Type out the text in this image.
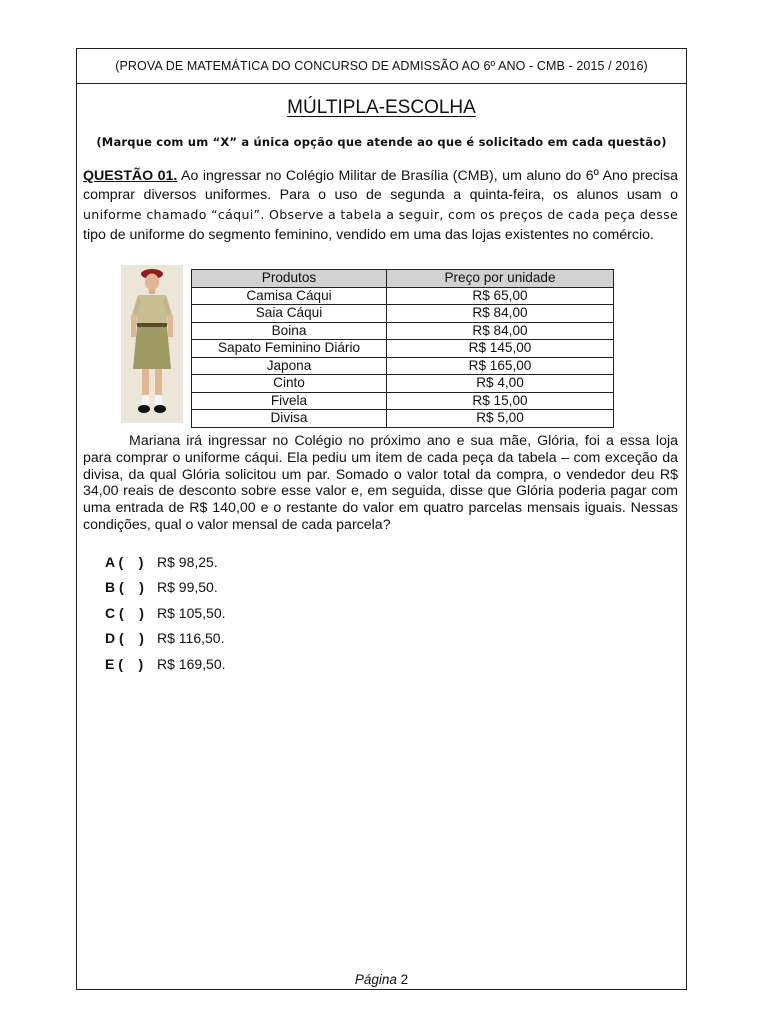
(PROVA DE MATEMÁTICA DO CONCURSO DE ADMISSÃO AO 6º ANO - CMB - 2015 / 2016)
MÚLTIPLA-ESCOLHA
(Marque com um “X” a única opção que atende ao que é solicitado em cada questão)
QUESTÃO 01. Ao ingressar no Colégio Militar de Brasília (CMB), um aluno do 6º Ano precisa comprar diversos uniformes. Para o uso de segunda a quinta-feira, os alunos usam o uniforme chamado “cáqui”. Observe a tabela a seguir, com os preços de cada peça desse tipo de uniforme do segmento feminino, vendido em uma das lojas existentes no comércio.
Produtos	Preço por unidade
Camisa Cáqui	R$ 65,00
Saia Cáqui	R$ 84,00
Boina	R$ 84,00
Sapato Feminino Diário	R$ 145,00
Japona	R$ 165,00
Cinto	R$ 4,00
Fivela	R$ 15,00
Divisa	R$ 5,00
Mariana irá ingressar no Colégio no próximo ano e sua mãe, Glória, foi a essa loja para comprar o uniforme cáqui. Ela pediu um item de cada peça da tabela – com exceção da divisa, da qual Glória solicitou um par. Somado o valor total da compra, o vendedor deu R$ 34,00 reais de desconto sobre esse valor e, em seguida, disse que Glória poderia pagar com uma entrada de R$ 140,00 e o restante do valor em quatro parcelas mensais iguais. Nessas condições, qual o valor mensal de cada parcela?
A (    ) R$ 98,25.
B (    ) R$ 99,50.
C (    ) R$ 105,50.
D (    ) R$ 116,50.
E (    ) R$ 169,50.
Página 2
